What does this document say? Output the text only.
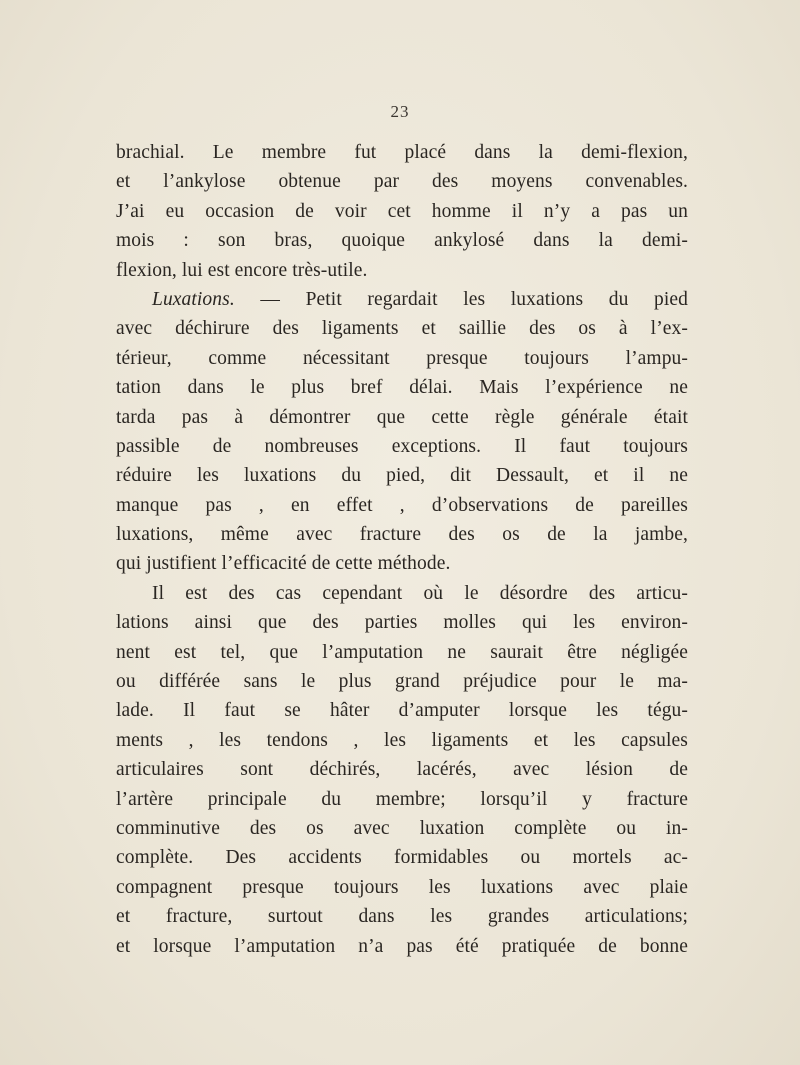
23
brachial. Le membre fut placé dans la demi-flexion,
et l’ankylose obtenue par des moyens convenables.
J’ai eu occasion de voir cet homme il n’y a pas un
mois : son bras, quoique ankylosé dans la demi-
flexion, lui est encore très-utile.
Luxations. — Petit regardait les luxations du pied
avec déchirure des ligaments et saillie des os à l’ex-
térieur, comme nécessitant presque toujours l’ampu-
tation dans le plus bref délai. Mais l’expérience ne
tarda pas à démontrer que cette règle générale était
passible de nombreuses exceptions. Il faut toujours
réduire les luxations du pied, dit Dessault, et il ne
manque pas , en effet , d’observations de pareilles
luxations, même avec fracture des os de la jambe,
qui justifient l’efficacité de cette méthode.
Il est des cas cependant où le désordre des articu-
lations ainsi que des parties molles qui les environ-
nent est tel, que l’amputation ne saurait être négligée
ou différée sans le plus grand préjudice pour le ma-
lade. Il faut se hâter d’amputer lorsque les tégu-
ments , les tendons , les ligaments et les capsules
articulaires sont déchirés, lacérés, avec lésion de
l’artère principale du membre; lorsqu’il y fracture
comminutive des os avec luxation complète ou in-
complète. Des accidents formidables ou mortels ac-
compagnent presque toujours les luxations avec plaie
et fracture, surtout dans les grandes articulations;
et lorsque l’amputation n’a pas été pratiquée de bonne
